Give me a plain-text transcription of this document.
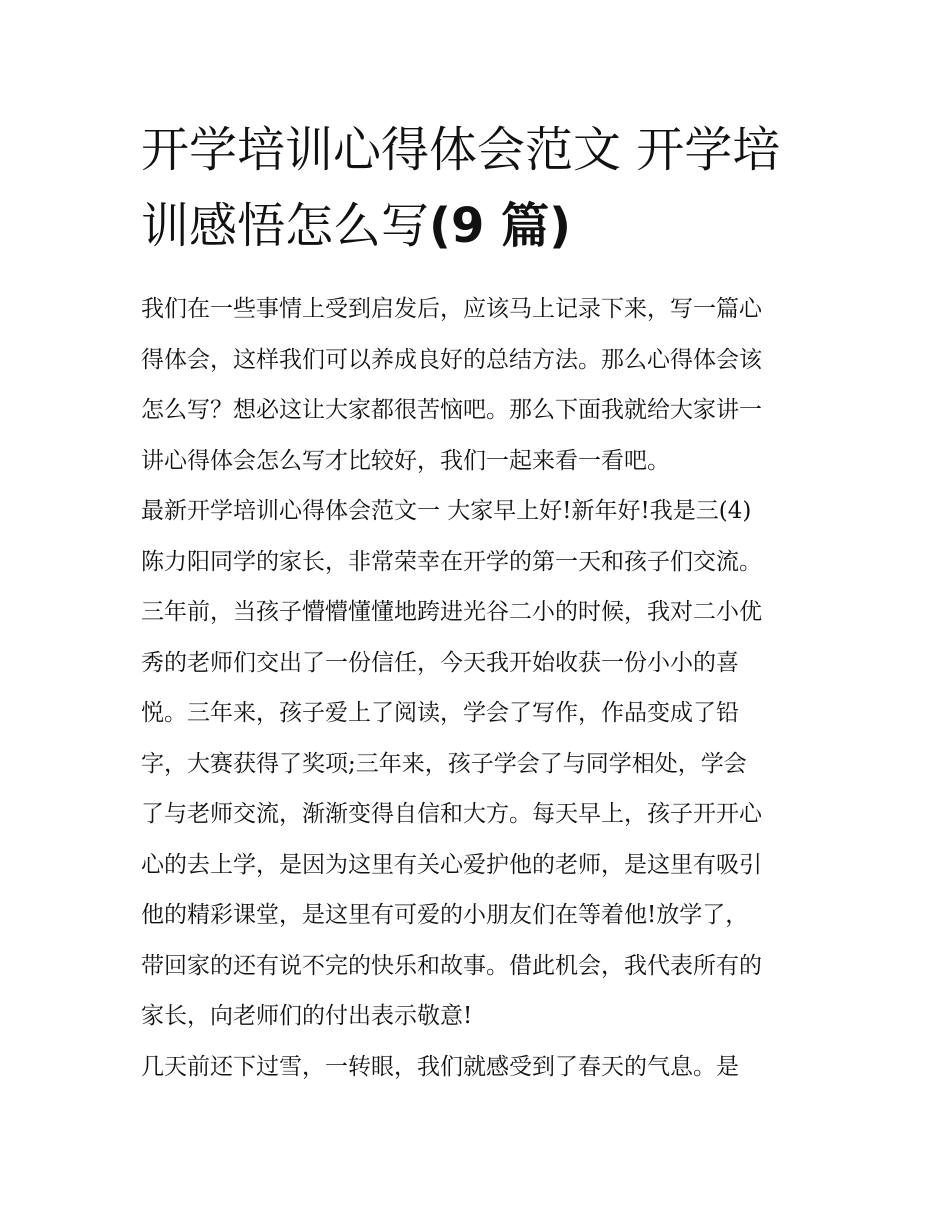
开学培训心得体会范文 开学培
训感悟怎么写(9 篇)
我们在一些事情上受到启发后，应该马上记录下来，写一篇心
得体会，这样我们可以养成良好的总结方法。那么心得体会该
怎么写？想必这让大家都很苦恼吧。那么下面我就给大家讲一
讲心得体会怎么写才比较好，我们一起来看一看吧。
最新开学培训心得体会范文一 大家早上好!新年好!我是三(4)
陈力阳同学的家长，非常荣幸在开学的第一天和孩子们交流。
三年前，当孩子懵懵懂懂地跨进光谷二小的时候，我对二小优
秀的老师们交出了一份信任，今天我开始收获一份小小的喜
悦。三年来，孩子爱上了阅读，学会了写作，作品变成了铅
字，大赛获得了奖项;三年来，孩子学会了与同学相处，学会
了与老师交流，渐渐变得自信和大方。每天早上，孩子开开心
心的去上学，是因为这里有关心爱护他的老师，是这里有吸引
他的精彩课堂，是这里有可爱的小朋友们在等着他!放学了，
带回家的还有说不完的快乐和故事。借此机会，我代表所有的
家长，向老师们的付出表示敬意!
几天前还下过雪，一转眼，我们就感受到了春天的气息。是
